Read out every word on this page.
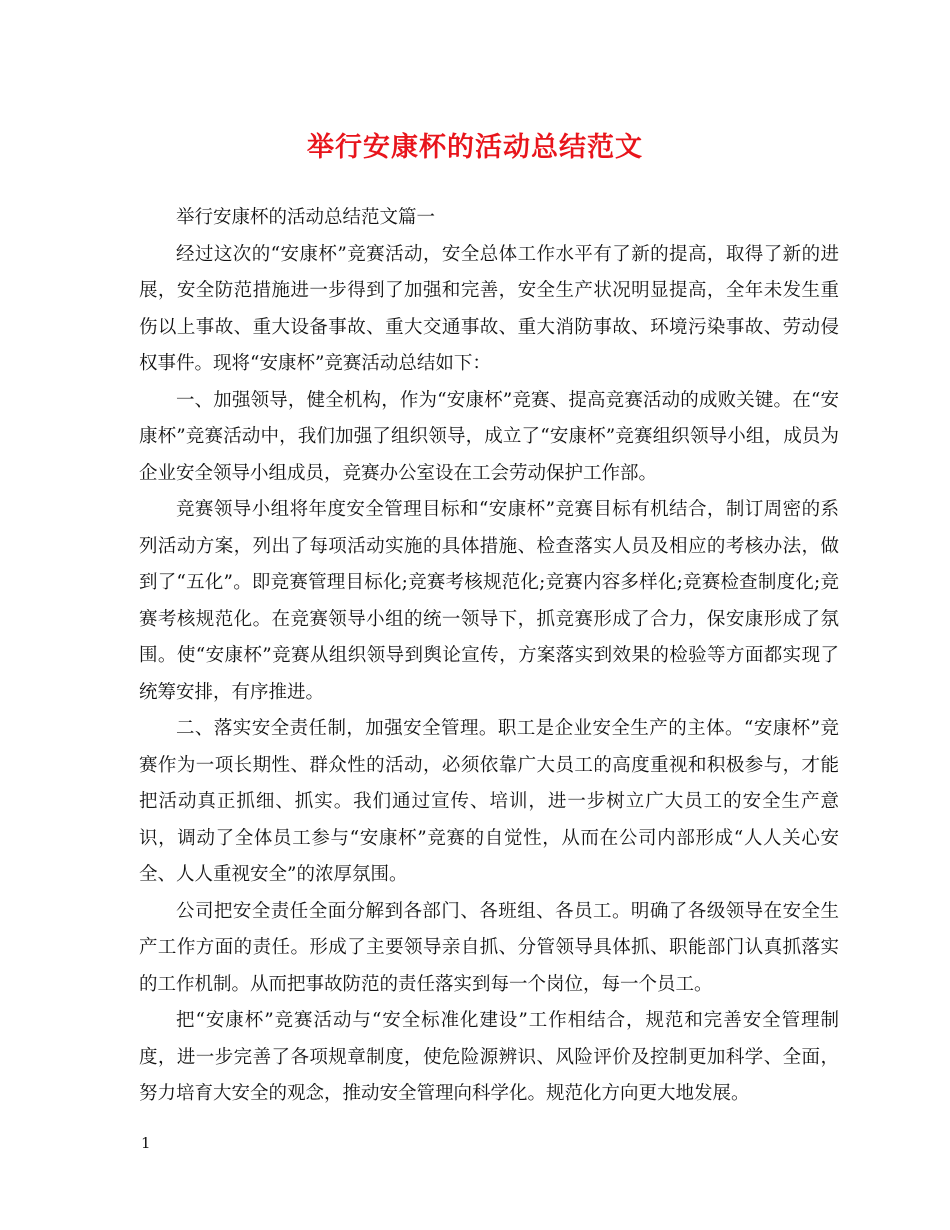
举行安康杯的活动总结范文

举行安康杯的活动总结范文篇一

经过这次的“安康杯”竞赛活动，安全总体工作水平有了新的提高，取得了新的进展，安全防范措施进一步得到了加强和完善，安全生产状况明显提高，全年未发生重伤以上事故、重大设备事故、重大交通事故、重大消防事故、环境污染事故、劳动侵权事件。现将“安康杯”竞赛活动总结如下：

一、加强领导，健全机构，作为“安康杯”竞赛、提高竞赛活动的成败关键。在“安康杯”竞赛活动中，我们加强了组织领导，成立了“安康杯”竞赛组织领导小组，成员为企业安全领导小组成员，竞赛办公室设在工会劳动保护工作部。

竞赛领导小组将年度安全管理目标和“安康杯”竞赛目标有机结合，制订周密的系列活动方案，列出了每项活动实施的具体措施、检查落实人员及相应的考核办法，做到了“五化”。即竞赛管理目标化;竞赛考核规范化;竞赛内容多样化;竞赛检查制度化;竞赛考核规范化。在竞赛领导小组的统一领导下，抓竞赛形成了合力，保安康形成了氛围。使“安康杯”竞赛从组织领导到舆论宣传，方案落实到效果的检验等方面都实现了统筹安排，有序推进。

二、落实安全责任制，加强安全管理。职工是企业安全生产的主体。“安康杯”竞赛作为一项长期性、群众性的活动，必须依靠广大员工的高度重视和积极参与，才能把活动真正抓细、抓实。我们通过宣传、培训，进一步树立广大员工的安全生产意识，调动了全体员工参与“安康杯”竞赛的自觉性，从而在公司内部形成“人人关心安全、人人重视安全”的浓厚氛围。

公司把安全责任全面分解到各部门、各班组、各员工。明确了各级领导在安全生产工作方面的责任。形成了主要领导亲自抓、分管领导具体抓、职能部门认真抓落实的工作机制。从而把事故防范的责任落实到每一个岗位，每一个员工。

把“安康杯”竞赛活动与“安全标准化建设”工作相结合，规范和完善安全管理制度，进一步完善了各项规章制度，使危险源辨识、风险评价及控制更加科学、全面，努力培育大安全的观念，推动安全管理向科学化。规范化方向更大地发展。

1
